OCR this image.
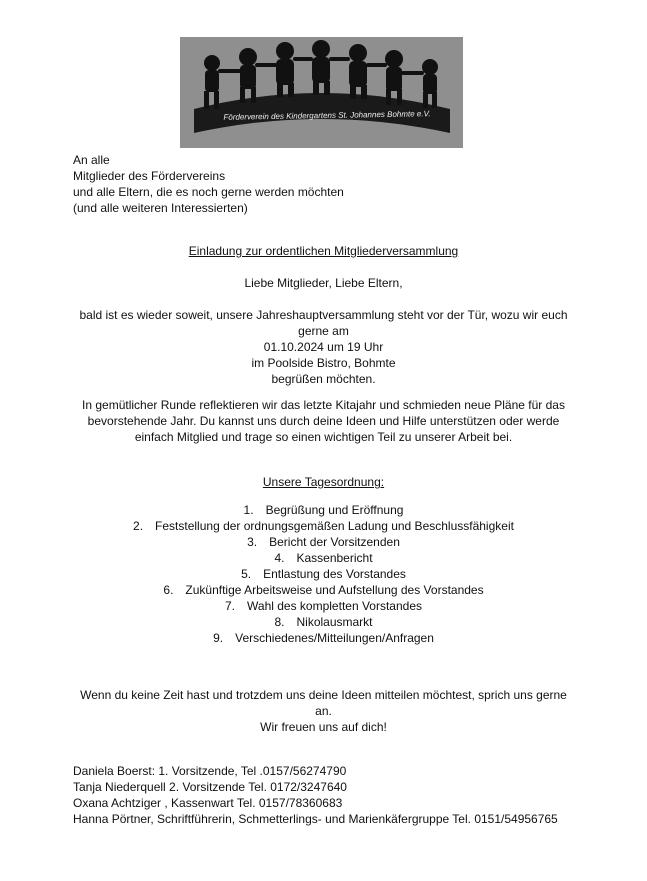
Förderverein des Kindergartens St. Johannes Bohmte e.V.

An alle

Mitglieder des Fördervereins

und alle Eltern, die es noch gerne werden möchten

(und alle weiteren Interessierten)

Einladung zur ordentlichen Mitgliederversammlung
Liebe Mitglieder, Liebe Eltern,

bald ist es wieder soweit, unsere Jahreshauptversammlung steht vor der Tür, wozu wir euch

gerne am

01.10.2024 um 19 Uhr

im Poolside Bistro, Bohmte

begrüßen möchten.

In gemütlicher Runde reflektieren wir das letzte Kitajahr und schmieden neue Pläne für das

bevorstehende Jahr. Du kannst uns durch deine Ideen und Hilfe unterstützen oder werde

einfach Mitglied und trage so einen wichtigen Teil zu unserer Arbeit bei.

Unsere Tagesordnung:
1. Begrüßung und Eröffnung
2. Feststellung der ordnungsgemäßen Ladung und Beschlussfähigkeit
3. Bericht der Vorsitzenden
4. Kassenbericht
5. Entlastung des Vorstandes
6. Zukünftige Arbeitsweise und Aufstellung des Vorstandes
7. Wahl des kompletten Vorstandes
8. Nikolausmarkt
9. Verschiedenes/Mitteilungen/Anfragen

Wenn du keine Zeit hast und trotzdem uns deine Ideen mitteilen möchtest, sprich uns gerne

an.

Wir freuen uns auf dich!

Daniela Boerst: 1. Vorsitzende, Tel .0157/56274790

Tanja Niederquell 2. Vorsitzende Tel. 0172/3247640

Oxana Achtziger , Kassenwart Tel. 0157/78360683

Hanna Pörtner, Schriftführerin, Schmetterlings- und Marienkäfergruppe Tel. 0151/54956765
